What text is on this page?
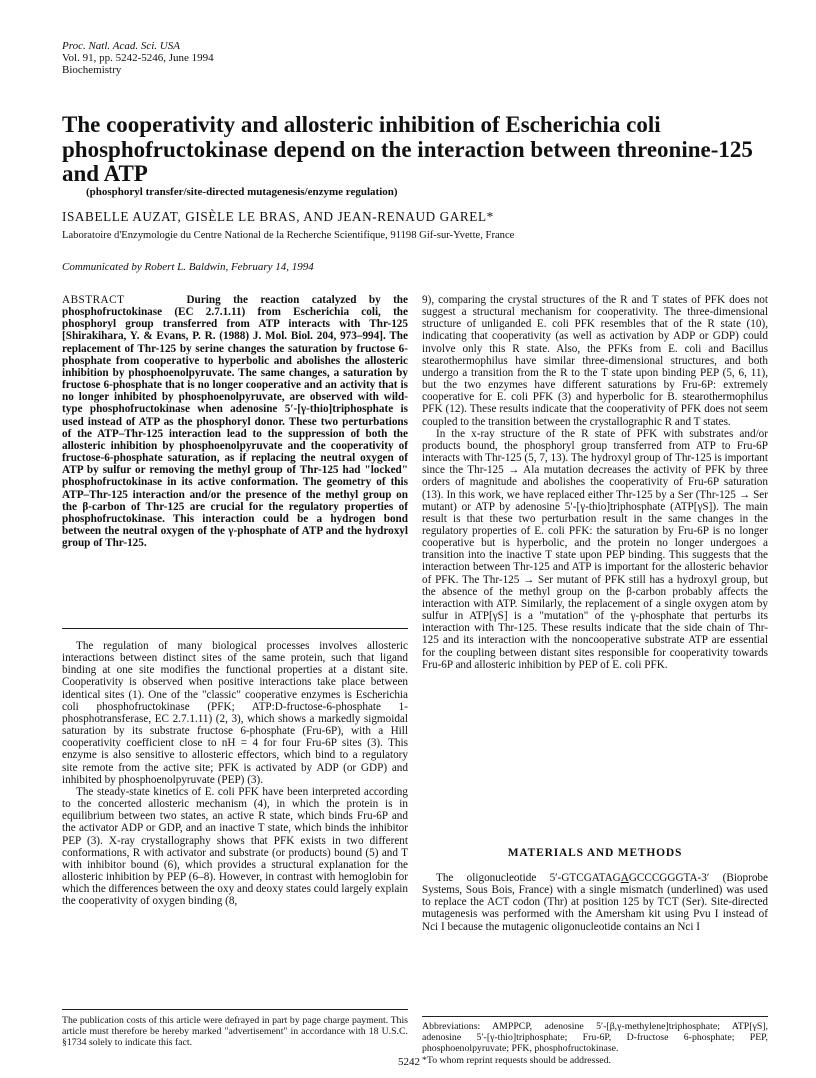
Proc. Natl. Acad. Sci. USA
Vol. 91, pp. 5242-5246, June 1994
Biochemistry
The cooperativity and allosteric inhibition of Escherichia coli phosphofructokinase depend on the interaction between threonine-125 and ATP
(phosphoryl transfer/site-directed mutagenesis/enzyme regulation)
ISABELLE AUZAT, GISÈLE LE BRAS, AND JEAN-RENAUD GAREL*
Laboratoire d'Enzymologie du Centre National de la Recherche Scientifique, 91198 Gif-sur-Yvette, France
Communicated by Robert L. Baldwin, February 14, 1994

ABSTRACT	During the reaction catalyzed by the phosphofructokinase (EC 2.7.1.11) from Escherichia coli, the phosphoryl group transferred from ATP interacts with Thr-125 [Shirakihara, Y. & Evans, P. R. (1988) J. Mol. Biol. 204, 973–994]. The replacement of Thr-125 by serine changes the saturation by fructose 6-phosphate from cooperative to hyperbolic and abolishes the allosteric inhibition by phosphoenolpyruvate. The same changes, a saturation by fructose 6-phosphate that is no longer cooperative and an activity that is no longer inhibited by phosphoenolpyruvate, are observed with wild-type phosphofructokinase when adenosine 5′-[γ-thio]triphosphate is used instead of ATP as the phosphoryl donor. These two perturbations of the ATP–Thr-125 interaction lead to the suppression of both the allosteric inhibition by phosphoenolpyruvate and the cooperativity of fructose-6-phosphate saturation, as if replacing the neutral oxygen of ATP by sulfur or removing the methyl group of Thr-125 had "locked" phosphofructokinase in its active conformation. The geometry of this ATP–Thr-125 interaction and/or the presence of the methyl group on the β-carbon of Thr-125 are crucial for the regulatory properties of phosphofructokinase. This interaction could be a hydrogen bond between the neutral oxygen of the γ-phosphate of ATP and the hydroxyl group of Thr-125.

The regulation of many biological processes involves allosteric interactions between distinct sites of the same protein, such that ligand binding at one site modifies the functional properties at a distant site. Cooperativity is observed when positive interactions take place between identical sites (1). One of the "classic" cooperative enzymes is Escherichia coli phosphofructokinase (PFK; ATP:D-fructose-6-phosphate 1-phosphotransferase, EC 2.7.1.11) (2, 3), which shows a markedly sigmoidal saturation by its substrate fructose 6-phosphate (Fru-6P), with a Hill cooperativity coefficient close to nH = 4 for four Fru-6P sites (3). This enzyme is also sensitive to allosteric effectors, which bind to a regulatory site remote from the active site; PFK is activated by ADP (or GDP) and inhibited by phosphoenolpyruvate (PEP) (3).

The steady-state kinetics of E. coli PFK have been interpreted according to the concerted allosteric mechanism (4), in which the protein is in equilibrium between two states, an active R state, which binds Fru-6P and the activator ADP or GDP, and an inactive T state, which binds the inhibitor PEP (3). X-ray crystallography shows that PFK exists in two different conformations, R with activator and substrate (or products) bound (5) and T with inhibitor bound (6), which provides a structural explanation for the allosteric inhibition by PEP (6–8). However, in contrast with hemoglobin for which the differences between the oxy and deoxy states could largely explain the cooperativity of oxygen binding (8,

The publication costs of this article were defrayed in part by page charge payment. This article must therefore be hereby marked "advertisement" in accordance with 18 U.S.C. §1734 solely to indicate this fact.

9), comparing the crystal structures of the R and T states of PFK does not suggest a structural mechanism for cooperativity. The three-dimensional structure of unliganded E. coli PFK resembles that of the R state (10), indicating that cooperativity (as well as activation by ADP or GDP) could involve only this R state. Also, the PFKs from E. coli and Bacillus stearothermophilus have similar three-dimensional structures, and both undergo a transition from the R to the T state upon binding PEP (5, 6, 11), but the two enzymes have different saturations by Fru-6P: extremely cooperative for E. coli PFK (3) and hyperbolic for B. stearothermophilus PFK (12). These results indicate that the cooperativity of PFK does not seem coupled to the transition between the crystallographic R and T states.

In the x-ray structure of the R state of PFK with substrates and/or products bound, the phosphoryl group transferred from ATP to Fru-6P interacts with Thr-125 (5, 7, 13). The hydroxyl group of Thr-125 is important since the Thr-125 → Ala mutation decreases the activity of PFK by three orders of magnitude and abolishes the cooperativity of Fru-6P saturation (13). In this work, we have replaced either Thr-125 by a Ser (Thr-125 → Ser mutant) or ATP by adenosine 5′-[γ-thio]triphosphate (ATP[γS]). The main result is that these two perturbation result in the same changes in the regulatory properties of E. coli PFK: the saturation by Fru-6P is no longer cooperative but is hyperbolic, and the protein no longer undergoes a transition into the inactive T state upon PEP binding. This suggests that the interaction between Thr-125 and ATP is important for the allosteric behavior of PFK. The Thr-125 → Ser mutant of PFK still has a hydroxyl group, but the absence of the methyl group on the β-carbon probably affects the interaction with ATP. Similarly, the replacement of a single oxygen atom by sulfur in ATP[γS] is a "mutation" of the γ-phosphate that perturbs its interaction with Thr-125. These results indicate that the side chain of Thr-125 and its interaction with the noncooperative substrate ATP are essential for the coupling between distant sites responsible for cooperativity towards Fru-6P and allosteric inhibition by PEP of E. coli PFK.

MATERIALS AND METHODS

The oligonucleotide 5′-GTCGATAGAGCCCGGGTA-3′ (Bioprobe Systems, Sous Bois, France) with a single mismatch (underlined) was used to replace the ACT codon (Thr) at position 125 by TCT (Ser). Site-directed mutagenesis was performed with the Amersham kit using Pvu I instead of Nci I because the mutagenic oligonucleotide contains an Nci I

Abbreviations: AMPPCP, adenosine 5′-[β,γ-methylene]triphosphate; ATP[γS], adenosine 5′-[γ-thio]triphosphate; Fru-6P, D-fructose 6-phosphate; PEP, phosphoenolpyruvate; PFK, phosphofructokinase.
*To whom reprint requests should be addressed.
5242
